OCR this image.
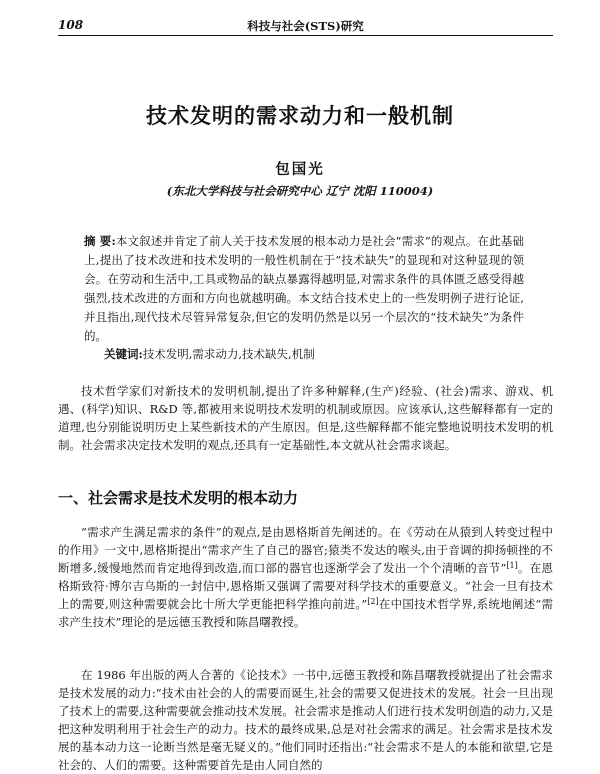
108	科技与社会(STS)研究
技术发明的需求动力和一般机制
包国光
(东北大学科技与社会研究中心 辽宁 沈阳 110004)
摘 要:本文叙述并肯定了前人关于技术发展的根本动力是社会“需求”的观点。在此基础上,提出了技术改进和技术发明的一般性机制在于“技术缺失”的显现和对这种显现的领会。在劳动和生活中,工具或物品的缺点暴露得越明显,对需求条件的具体匮乏感受得越强烈,技术改进的方面和方向也就越明确。本文结合技术史上的一些发明例子进行论证,并且指出,现代技术尽管异常复杂,但它的发明仍然是以另一个层次的“技术缺失”为条件的。
关键词:技术发明,需求动力,技术缺失,机制

技术哲学家们对新技术的发明机制,提出了许多种解释,(生产)经验、(社会)需求、游戏、机遇、(科学)知识、R&D 等,都被用来说明技术发明的机制或原因。应该承认,这些解释都有一定的道理,也分别能说明历史上某些新技术的产生原因。但是,这些解释都不能完整地说明技术发明的机制。社会需求决定技术发明的观点,还具有一定基础性,本文就从社会需求谈起。

一、社会需求是技术发明的根本动力

“需求产生满足需求的条件”的观点,是由恩格斯首先阐述的。在《劳动在从猿到人转变过程中的作用》一文中,恩格斯提出“需求产生了自己的器官;猿类不发达的喉头,由于音调的抑扬顿挫的不断增多,缓慢地然而肯定地得到改造,而口部的器官也逐渐学会了发出一个个清晰的音节”[1]。在恩格斯致符·博尔吉乌斯的一封信中,恩格斯又强调了需要对科学技术的重要意义。“社会一旦有技术上的需要,则这种需要就会比十所大学更能把科学推向前进。”[2]在中国技术哲学界,系统地阐述“需求产生技术”理论的是远德玉教授和陈昌曙教授。

在 1986 年出版的两人合著的《论技术》一书中,远德玉教授和陈昌曙教授就提出了社会需求是技术发展的动力:“技术由社会的人的需要而诞生,社会的需要又促进技术的发展。社会一旦出现了技术上的需要,这种需要就会推动技术发展。社会需求是推动人们进行技术发明创造的动力,又是把这种发明利用于社会生产的动力。技术的最终成果,总是对社会需求的满足。社会需求是技术发展的基本动力这一论断当然是毫无疑义的。”他们同时还指出:“社会需求不是人的本能和欲望,它是社会的、人们的需要。这种需要首先是由人同自然的
